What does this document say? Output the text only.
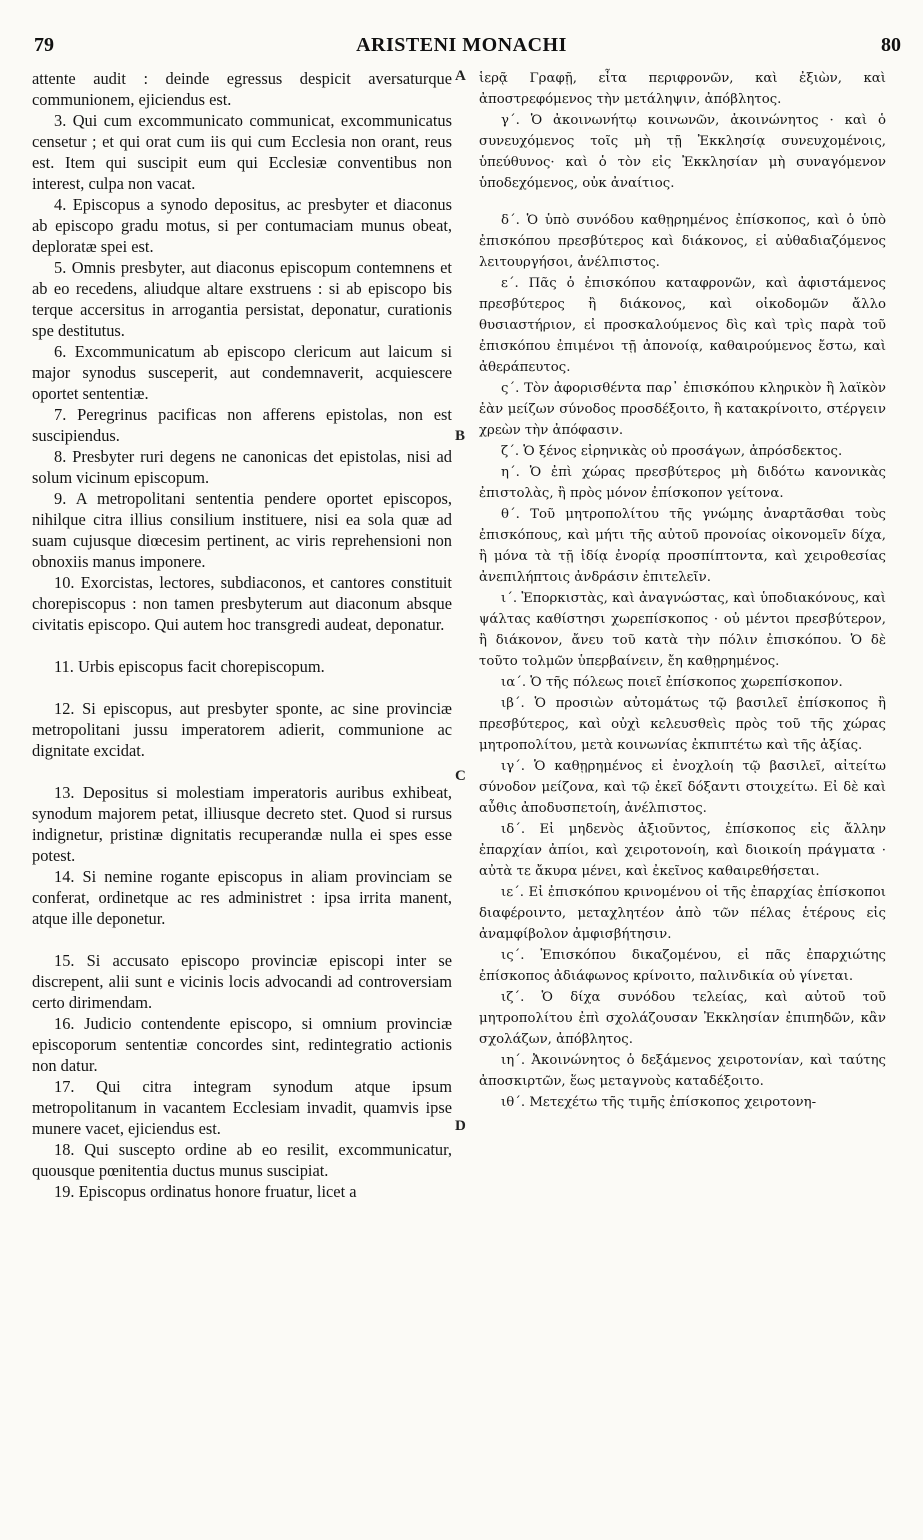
79	ARISTENI MONACHI	80
A
B
C
D

attente audit : deinde egressus despicit aversaturque communionem, ejiciendus est.

3. Qui cum excommunicato communicat, excommunicatus censetur ; et qui orat cum iis qui cum Ecclesia non orant, reus est. Item qui suscipit eum qui Ecclesiæ conventibus non interest, culpa non vacat.

4. Episcopus a synodo depositus, ac presbyter et diaconus ab episcopo gradu motus, si per contumaciam munus obeat, deploratæ spei est.

5. Omnis presbyter, aut diaconus episcopum contemnens et ab eo recedens, aliudque altare exstruens : si ab episcopo bis terque accersitus in arrogantia persistat, deponatur, curationis spe destitutus.

6. Excommunicatum ab episcopo clericum aut laicum si major synodus susceperit, aut condemnaverit, acquiescere oportet sententiæ.

7. Peregrinus pacificas non afferens epistolas, non est suscipiendus.

8. Presbyter ruri degens ne canonicas det epistolas, nisi ad solum vicinum episcopum.

9. A metropolitani sententia pendere oportet episcopos, nihilque citra illius consilium instituere, nisi ea sola quæ ad suam cujusque diœcesim pertinent, ac viris reprehensioni non obnoxiis manus imponere.

10. Exorcistas, lectores, subdiaconos, et cantores constituit chorepiscopus : non tamen presbyterum aut diaconum absque civitatis episcopo. Qui autem hoc transgredi audeat, deponatur.

11. Urbis episcopus facit chorepiscopum.

12. Si episcopus, aut presbyter sponte, ac sine provinciæ metropolitani jussu imperatorem adierit, communione ac dignitate excidat.

13. Depositus si molestiam imperatoris auribus exhibeat, synodum majorem petat, illiusque decreto stet. Quod si rursus indignetur, pristinæ dignitatis recuperandæ nulla ei spes esse potest.

14. Si nemine rogante episcopus in aliam provinciam se conferat, ordinetque ac res administret : ipsa irrita manent, atque ille deponetur.

15. Si accusato episcopo provinciæ episcopi inter se discrepent, alii sunt e vicinis locis advocandi ad controversiam certo dirimendam.

16. Judicio contendente episcopo, si omnium provinciæ episcoporum sententiæ concordes sint, redintegratio actionis non datur.

17. Qui citra integram synodum atque ipsum metropolitanum in vacantem Ecclesiam invadit, quamvis ipse munere vacet, ejiciendus est.

18. Qui suscepto ordine ab eo resilit, excommunicatur, quousque pœnitentia ductus munus suscipiat.

19. Episcopus ordinatus honore fruatur, licet a

ἱερᾷ Γραφῇ, εἶτα περιφρονῶν, καὶ ἐξιὼν, καὶ ἀποστρεφόμενος τὴν μετάληψιν, ἀπόβλητος.

γ΄. Ὁ ἀκοινωνήτῳ κοινωνῶν, ἀκοινώνητος · καὶ ὁ συνευχόμενος τοῖς μὴ τῇ Ἐκκλησίᾳ συνευχομένοις, ὑπεύθυνος· καὶ ὁ τὸν εἰς Ἐκκλησίαν μὴ συναγόμενον ὑποδεχόμενος, οὐκ ἀναίτιος.

δ΄. Ὁ ὑπὸ συνόδου καθῃρημένος ἐπίσκοπος, καὶ ὁ ὑπὸ ἐπισκόπου πρεσβύτερος καὶ διάκονος, εἰ αὐθαδιαζόμενος λειτουργήσοι, ἀνέλπιστος.

ε΄. Πᾶς ὁ ἐπισκόπου καταφρονῶν, καὶ ἀφιστάμενος πρεσβύτερος ἢ διάκονος, καὶ οἰκοδομῶν ἄλλο θυσιαστήριον, εἰ προσκαλούμενος δὶς καὶ τρὶς παρὰ τοῦ ἐπισκόπου ἐπιμένοι τῇ ἀπονοίᾳ, καθαιρούμενος ἔστω, καὶ ἀθεράπευτος.

ς΄. Τὸν ἀφορισθέντα παρ᾽ ἐπισκόπου κληρικὸν ἢ λαϊκὸν ἐὰν μείζων σύνοδος προσδέξοιτο, ἢ κατακρίνοιτο, στέργειν χρεὼν τὴν ἀπόφασιν.

ζ΄. Ὁ ξένος εἰρηνικὰς οὐ προσάγων, ἀπρόσδεκτος.

η΄. Ὁ ἐπὶ χώρας πρεσβύτερος μὴ διδότω κανονικὰς ἐπιστολὰς, ἢ πρὸς μόνον ἐπίσκοπον γείτονα.

θ΄. Τοῦ μητροπολίτου τῆς γνώμης ἀναρτᾶσθαι τοὺς ἐπισκόπους, καὶ μήτι τῆς αὐτοῦ προνοίας οἰκονομεῖν δίχα, ἢ μόνα τὰ τῇ ἰδίᾳ ἐνορίᾳ προσπίπτοντα, καὶ χειροθεσίας ἀνεπιλήπτοις ἀνδράσιν ἐπιτελεῖν.

ι΄. Ἐπορκιστὰς, καὶ ἀναγνώστας, καὶ ὑποδιακόνους, καὶ ψάλτας καθίστησι χωρεπίσκοπος · οὐ μέντοι πρεσβύτερον, ἢ διάκονον, ἄνευ τοῦ κατὰ τὴν πόλιν ἐπισκόπου. Ὁ δὲ τοῦτο τολμῶν ὑπερβαίνειν, ἔη καθῃρημένος.

ια΄. Ὁ τῆς πόλεως ποιεῖ ἐπίσκοπος χωρεπίσκοπον.

ιβ΄. Ὁ προσιὼν αὐτομάτως τῷ βασιλεῖ ἐπίσκοπος ἢ πρεσβύτερος, καὶ οὐχὶ κελευσθεὶς πρὸς τοῦ τῆς χώρας μητροπολίτου, μετὰ κοινωνίας ἐκπιπτέτω καὶ τῆς ἀξίας.

ιγ΄. Ὁ καθῃρημένος εἰ ἐνοχλοίη τῷ βασιλεῖ, αἰτείτω σύνοδον μείζονα, καὶ τῷ ἐκεῖ δόξαντι στοιχείτω. Εἰ δὲ καὶ αὖθις ἀποδυσπετοίη, ἀνέλπιστος.

ιδ΄. Εἰ μηδενὸς ἀξιοῦντος, ἐπίσκοπος εἰς ἄλλην ἐπαρχίαν ἀπίοι, καὶ χειροτονοίη, καὶ διοικοίη πράγματα · αὐτὰ τε ἄκυρα μένει, καὶ ἐκεῖνος καθαιρεθήσεται.

ιε΄. Εἰ ἐπισκόπου κρινομένου οἱ τῆς ἐπαρχίας ἐπίσκοποι διαφέροιντο, μεταχλητέον ἀπὸ τῶν πέλας ἑτέρους εἰς ἀναμφίβολον ἀμφισβήτησιν.

ις΄. Ἐπισκόπου δικαζομένου, εἰ πᾶς ἐπαρχιώτης ἐπίσκοπος ἀδιάφωνος κρίνοιτο, παλινδικία οὐ γίνεται.

ιζ΄. Ὁ δίχα συνόδου τελείας, καὶ αὐτοῦ τοῦ μητροπολίτου ἐπὶ σχολάζουσαν Ἐκκλησίαν ἐπιπηδῶν, κἂν σχολάζων, ἀπόβλητος.

ιη΄. Ἀκοινώνητος ὁ δεξάμενος χειροτονίαν, καὶ ταύτης ἀποσκιρτῶν, ἕως μεταγνοὺς καταδέξοιτο.

ιθ΄. Μετεχέτω τῆς τιμῆς ἐπίσκοπος χειροτονη-
